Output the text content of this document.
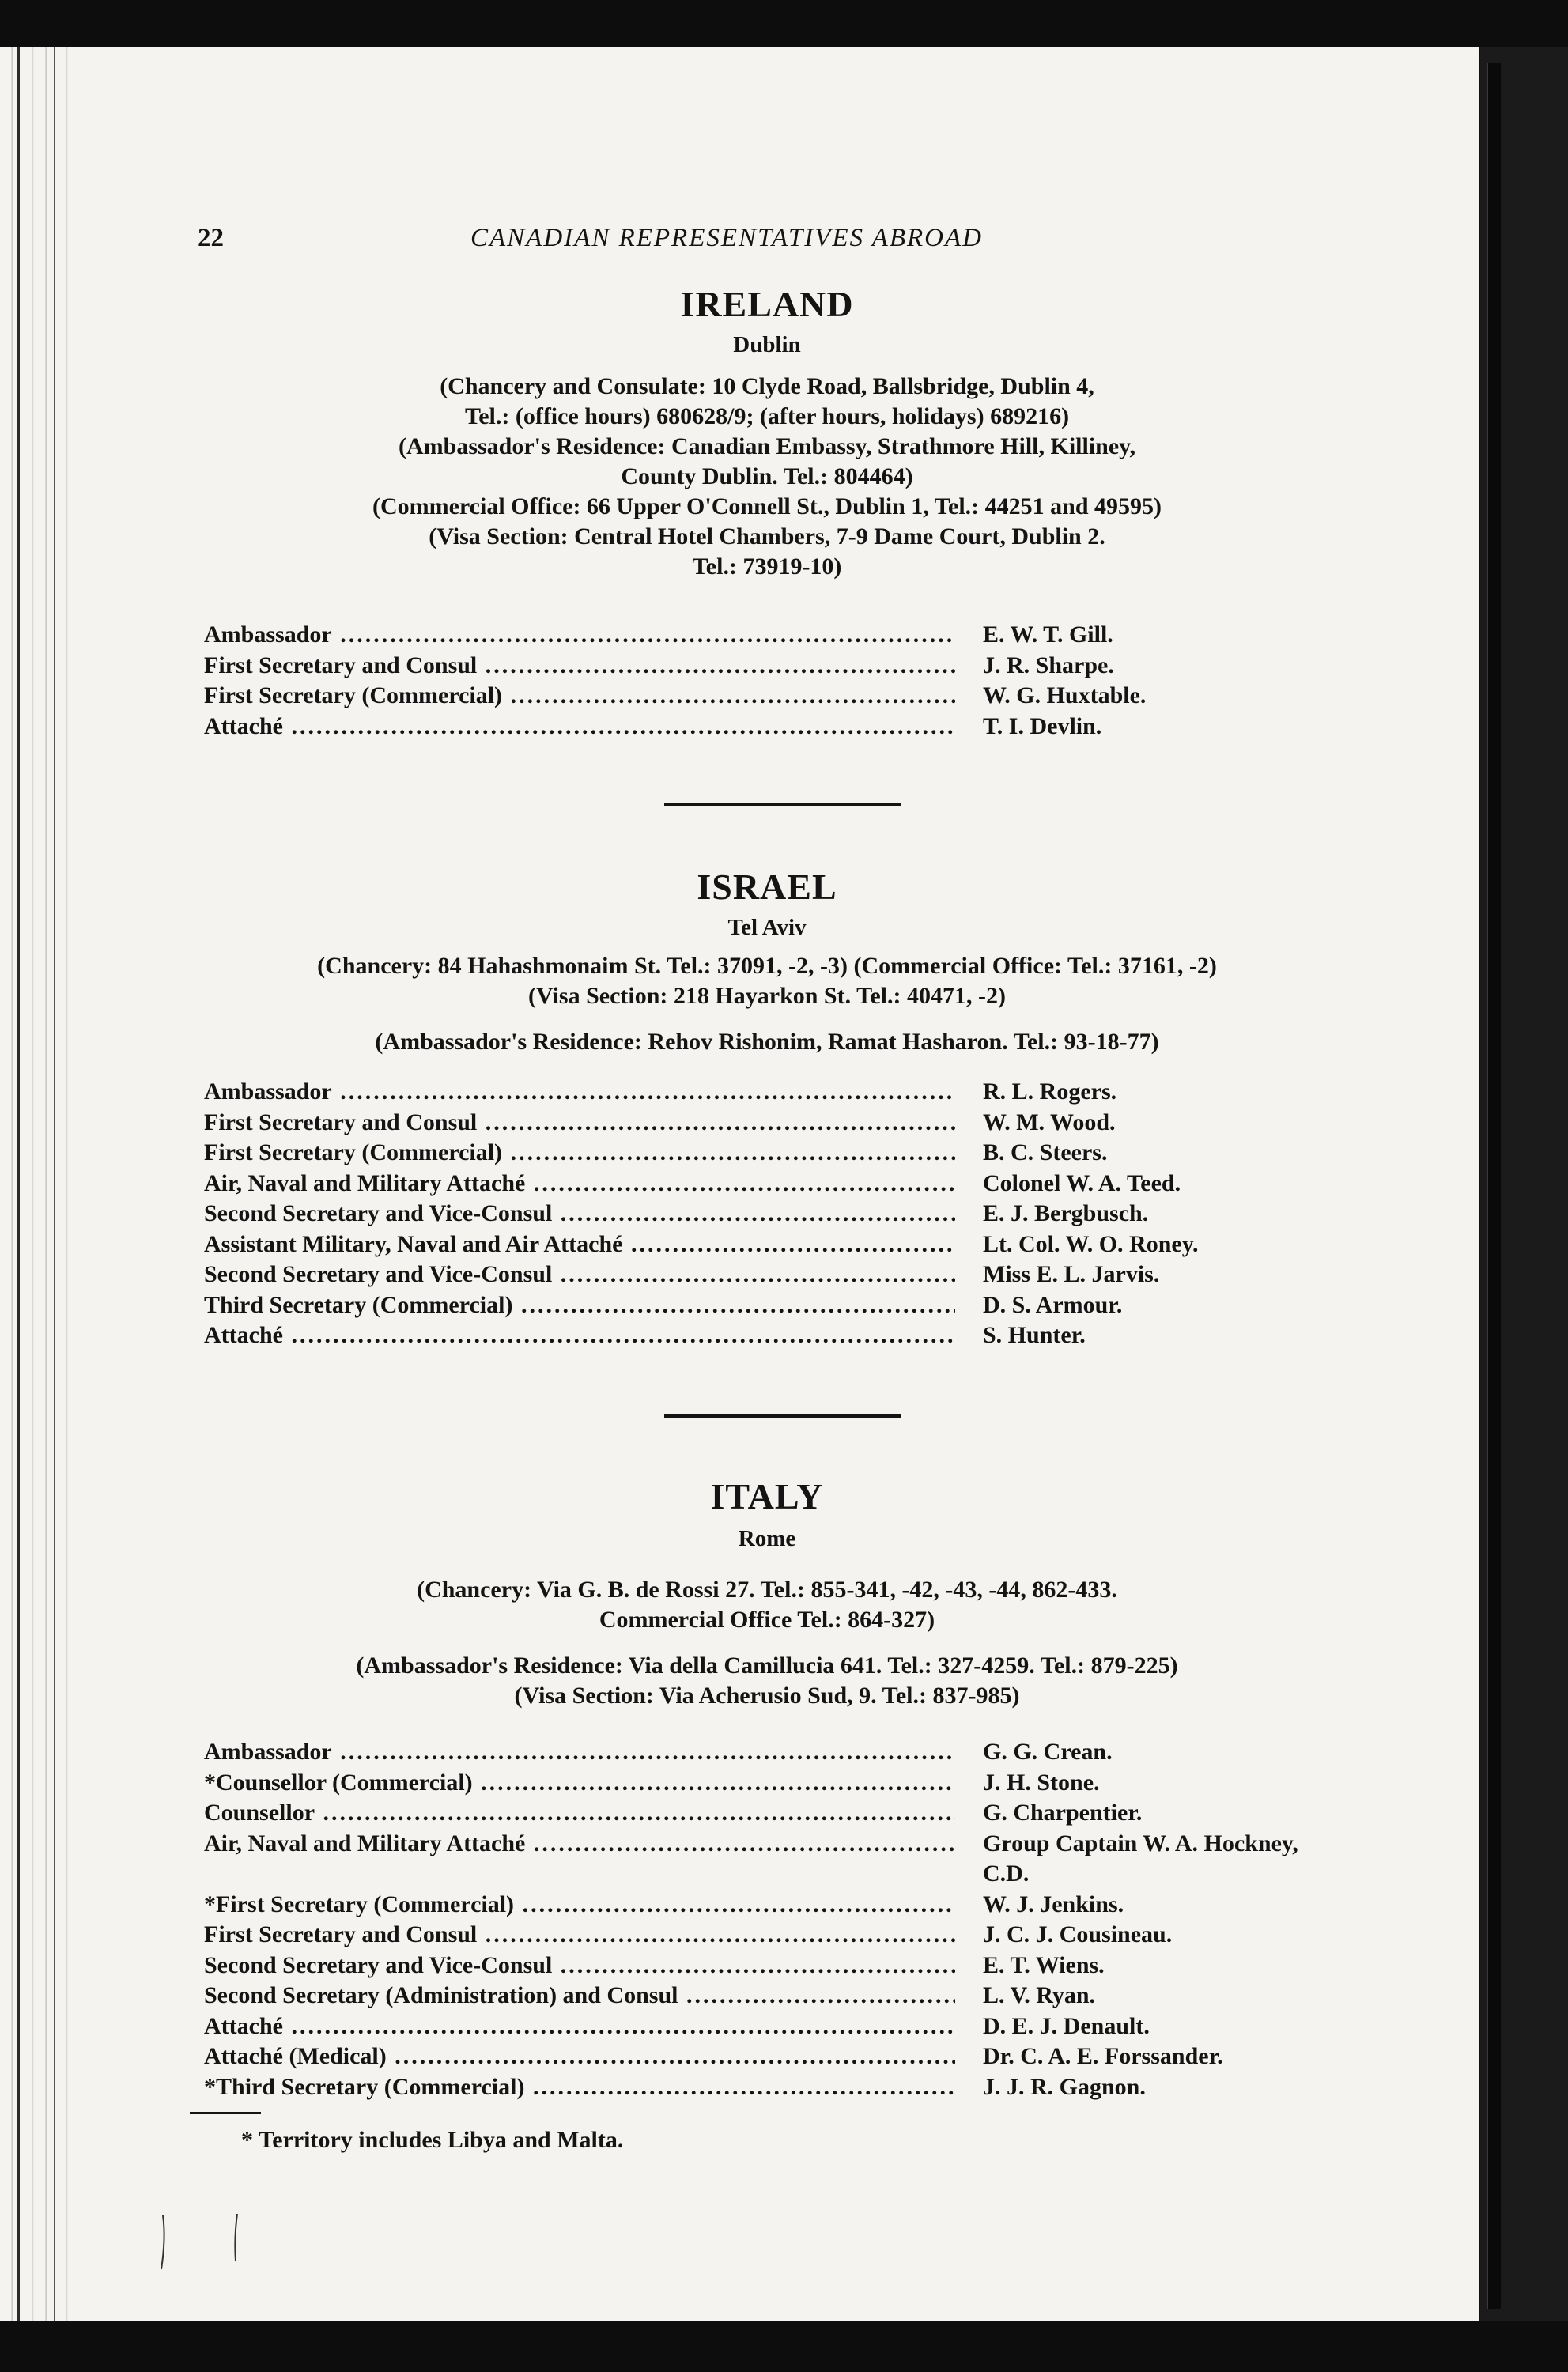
22	CANADIAN REPRESENTATIVES ABROAD
IRELAND
Dublin
(Chancery and Consulate: 10 Clyde Road, Ballsbridge, Dublin 4,
Tel.: (office hours) 680628/9; (after hours, holidays) 689216)
(Ambassador's Residence: Canadian Embassy, Strathmore Hill, Killiney,
County Dublin. Tel.: 804464)
(Commercial Office: 66 Upper O'Connell St., Dublin 1, Tel.: 44251 and 49595)
(Visa Section: Central Hotel Chambers, 7-9 Dame Court, Dublin 2.
Tel.: 73919-10)
Ambassador .....	E. W. T. Gill.
First Secretary and Consul .....	J. R. Sharpe.
First Secretary (Commercial) .....	W. G. Huxtable.
Attaché .....	T. I. Devlin.
ISRAEL
Tel Aviv
(Chancery: 84 Hahashmonaim St. Tel.: 37091, -2, -3) (Commercial Office: Tel.: 37161, -2)
(Visa Section: 218 Hayarkon St. Tel.: 40471, -2)
(Ambassador's Residence: Rehov Rishonim, Ramat Hasharon. Tel.: 93-18-77)
Ambassador .....	R. L. Rogers.
First Secretary and Consul .....	W. M. Wood.
First Secretary (Commercial) .....	B. C. Steers.
Air, Naval and Military Attaché .....	Colonel W. A. Teed.
Second Secretary and Vice-Consul .....	E. J. Bergbusch.
Assistant Military, Naval and Air Attaché .....	Lt. Col. W. O. Roney.
Second Secretary and Vice-Consul .....	Miss E. L. Jarvis.
Third Secretary (Commercial) .....	D. S. Armour.
Attaché .....	S. Hunter.
ITALY
Rome
(Chancery: Via G. B. de Rossi 27. Tel.: 855-341, -42, -43, -44, 862-433.
Commercial Office Tel.: 864-327)
(Ambassador's Residence: Via della Camillucia 641. Tel.: 327-4259. Tel.: 879-225)
(Visa Section: Via Acherusio Sud, 9. Tel.: 837-985)
Ambassador .....	G. G. Crean.
*Counsellor (Commercial) .....	J. H. Stone.
Counsellor .....	G. Charpentier.
Air, Naval and Military Attaché .....	Group Captain W. A. Hockney, C.D.
*First Secretary (Commercial) .....	W. J. Jenkins.
First Secretary and Consul .....	J. C. J. Cousineau.
Second Secretary and Vice-Consul .....	E. T. Wiens.
Second Secretary (Administration) and Consul .....	L. V. Ryan.
Attaché .....	D. E. J. Denault.
Attaché (Medical) .....	Dr. C. A. E. Forssander.
*Third Secretary (Commercial) .....	J. J. R. Gagnon.
* Territory includes Libya and Malta.
